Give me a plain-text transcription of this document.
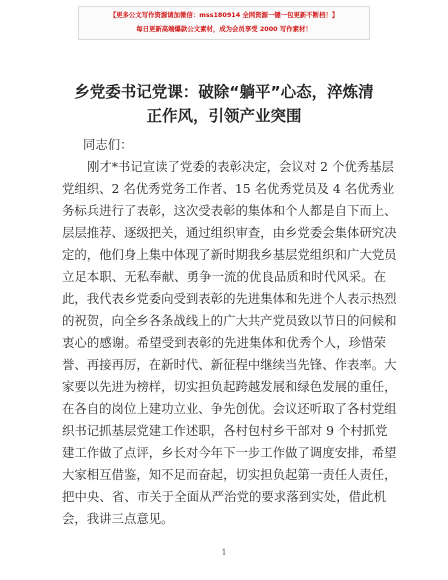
【更多公文写作资源请加微信：mss180914 全网资源一键一包更新不断档！】
每日更新高端爆款公文素材，成为会员享受 2000 写作素材！
乡党委书记党课：破除“躺平”心态，淬炼清
正作风，引领产业突围
同志们：
刚才*书记宣读了党委的表彰决定，会议对 2 个优秀基层
党组织、2 名优秀党务工作者、15 名优秀党员及 4 名优秀业
务标兵进行了表彰，这次受表彰的集体和个人都是自下而上、
层层推荐、逐级把关，通过组织审查，由乡党委会集体研究决
定的，他们身上集中体现了新时期我乡基层党组织和广大党员
立足本职、无私奉献、勇争一流的优良品质和时代风采。在
此，我代表乡党委向受到表彰的先进集体和先进个人表示热烈
的祝贺，向全乡各条战线上的广大共产党员致以节日的问候和
衷心的感谢。希望受到表彰的先进集体和优秀个人，珍惜荣
誉、再接再厉，在新时代、新征程中继续当先锋、作表率。大
家要以先进为榜样，切实担负起跨越发展和绿色发展的重任，
在各自的岗位上建功立业、争先创优。会议还听取了各村党组
织书记抓基层党建工作述职，各村包村乡干部对 9 个村抓党
建工作做了点评，乡长对今年下一步工作做了调度安排，希望
大家相互借鉴，知不足而奋起，切实担负起第一责任人责任，
把中央、省、市关于全面从严治党的要求落到实处，借此机
会，我讲三点意见。
1
